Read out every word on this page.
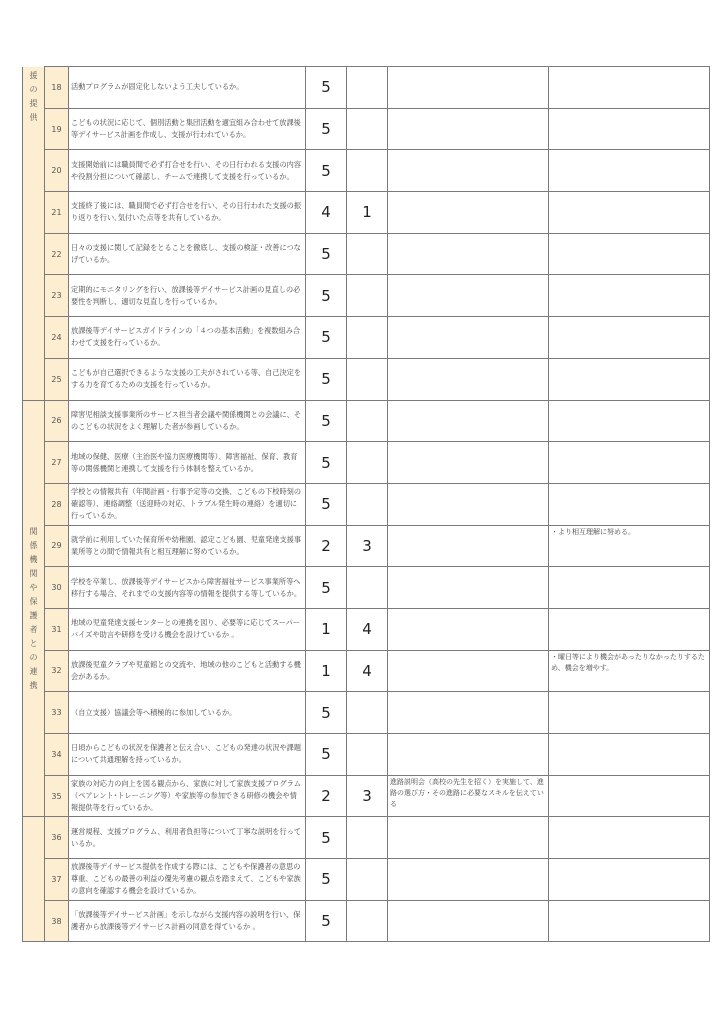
援の提供	18	活動プログラムが固定化しないよう工夫しているか。	5			
	19	こどもの状況に応じて、個別活動と集団活動を適宜組み合わせて放課後等デイサービス計画を作成し、支援が行われているか。	5			
	20	支援開始前には職員間で必ず打合せを行い、その日行われる支援の内容や役割分担について確認し、チームで連携して支援を行っているか。	5			
	21	支援終了後には、職員間で必ず打合せを行い、その日行われた支援の振り返りを行い､気付いた点等を共有しているか。	4	1		
	22	日々の支援に関して記録をとることを徹底し、支援の検証・改善につなげているか。	5			
	23	定期的にモニタリングを行い、放課後等デイサービス計画の見直しの必要性を判断し、適切な見直しを行っているか。	5			
	24	放課後等デイサービスガイドラインの「４つの基本活動」を複数組み合わせて支援を行っているか。	5			
	25	こどもが自己選択できるような支援の工夫がされている等、自己決定をする力を育てるための支援を行っているか。	5			
関係機関や保護者との連携	26	障害児相談支援事業所のサービス担当者会議や関係機関との会議に、そのこどもの状況をよく理解した者が参画しているか。	5			
	27	地域の保健、医療（主治医や協力医療機関等）、障害福祉、保育、教育等の関係機関と連携して支援を行う体制を整えているか。	5			
	28	学校との情報共有（年間計画・行事予定等の交換、こどもの下校時刻の確認等）、連絡調整（送迎時の対応、トラブル発生時の連絡）を適切に行っているか。	5			
	29	就学前に利用していた保育所や幼稚園、認定こども園、児童発達支援事業所等との間で情報共有と相互理解に努めているか。	2	3		・より相互理解に努める。
	30	学校を卒業し、放課後等デイサービスから障害福祉サービス事業所等へ移行する場合、それまでの支援内容等の情報を提供する等しているか。	5			
	31	地域の児童発達支援センターとの連携を図り、必要等に応じてスーパーバイズや助言や研修を受ける機会を設けているか 。	1	4		
	32	放課後児童クラブや児童館との交流や、地域の他のこどもと活動する機会があるか。	1	4		・曜日等により機会があったりなかったりするため、機会を増やす。
	33	（自立支援）協議会等へ積極的に参加しているか。	5			
	34	日頃からこどもの状況を保護者と伝え合い、こどもの発達の状況や課題について共通理解を持っているか。	5			
	35	家族の対応力の向上を図る観点から、家族に対して家族支援プログラム（ペアレント･トレーニング等）や家族等の参加できる研修の機会や情報提供等を行っているか。	2	3	進路説明会（高校の先生を招く）を実施して、進路の選び方・その進路に必要なスキルを伝えている	
	36	運営規程、支援プログラム、利用者負担等について丁寧な説明を行っているか。	5			
	37	放課後等デイサービス提供を作成する際には、こどもや保護者の意思の尊重、こどもの最善の利益の優先考慮の観点を踏まえて、こどもや家族の意向を確認する機会を設けているか。	5			
	38	「放課後等デイサービス計画」を示しながら支援内容の説明を行い、保護者から放課後等デイサービス計画の同意を得ているか 。	5			
